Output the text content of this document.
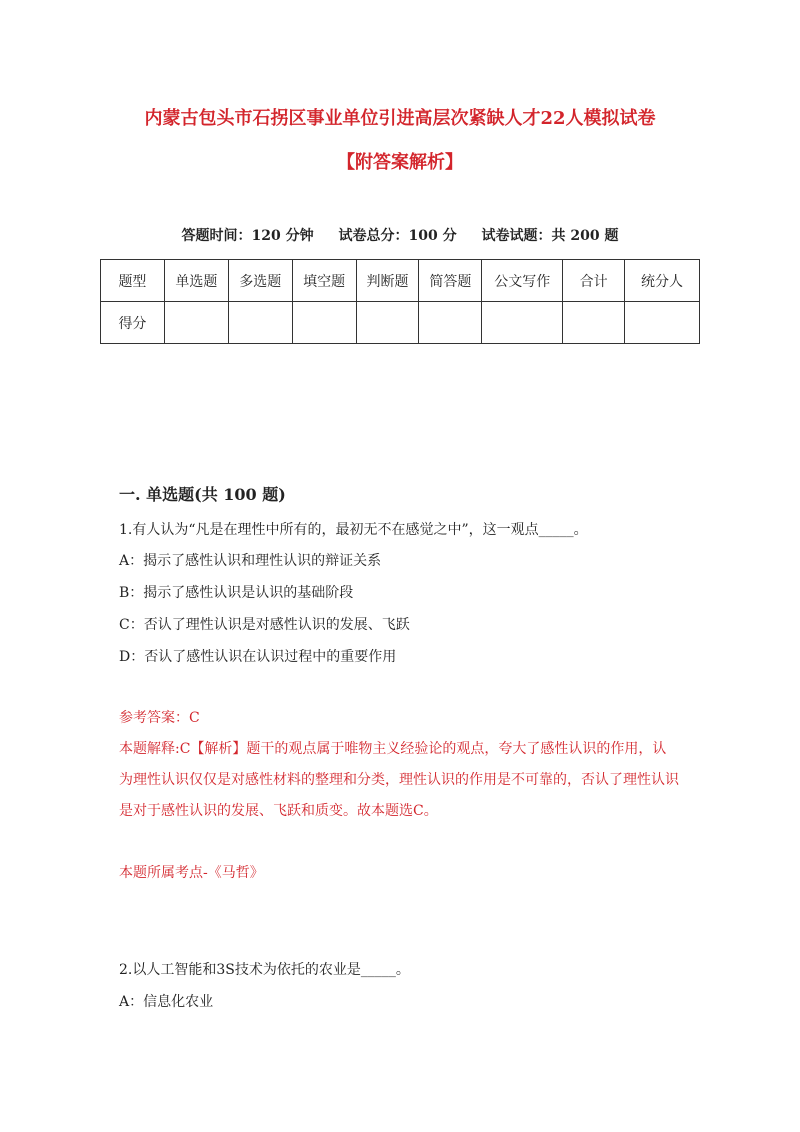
内蒙古包头市石拐区事业单位引进高层次紧缺人才22人模拟试卷
【附答案解析】
答题时间：120 分钟 试卷总分：100 分 试卷试题：共 200 题
题型	单选题	多选题	填空题	判断题	简答题	公文写作	合计	统分人
得分								
一. 单选题(共 100 题)
1.有人认为“凡是在理性中所有的，最初无不在感觉之中”，这一观点_____。
A：揭示了感性认识和理性认识的辩证关系
B：揭示了感性认识是认识的基础阶段
C：否认了理性认识是对感性认识的发展、飞跃
D：否认了感性认识在认识过程中的重要作用
参考答案：C
本题解释:C【解析】题干的观点属于唯物主义经验论的观点，夸大了感性认识的作用，认为理性认识仅仅是对感性材料的整理和分类，理性认识的作用是不可靠的，否认了理性认识是对于感性认识的发展、飞跃和质变。故本题选C。
本题所属考点-《马哲》
2.以人工智能和3S技术为依托的农业是_____。
A：信息化农业
